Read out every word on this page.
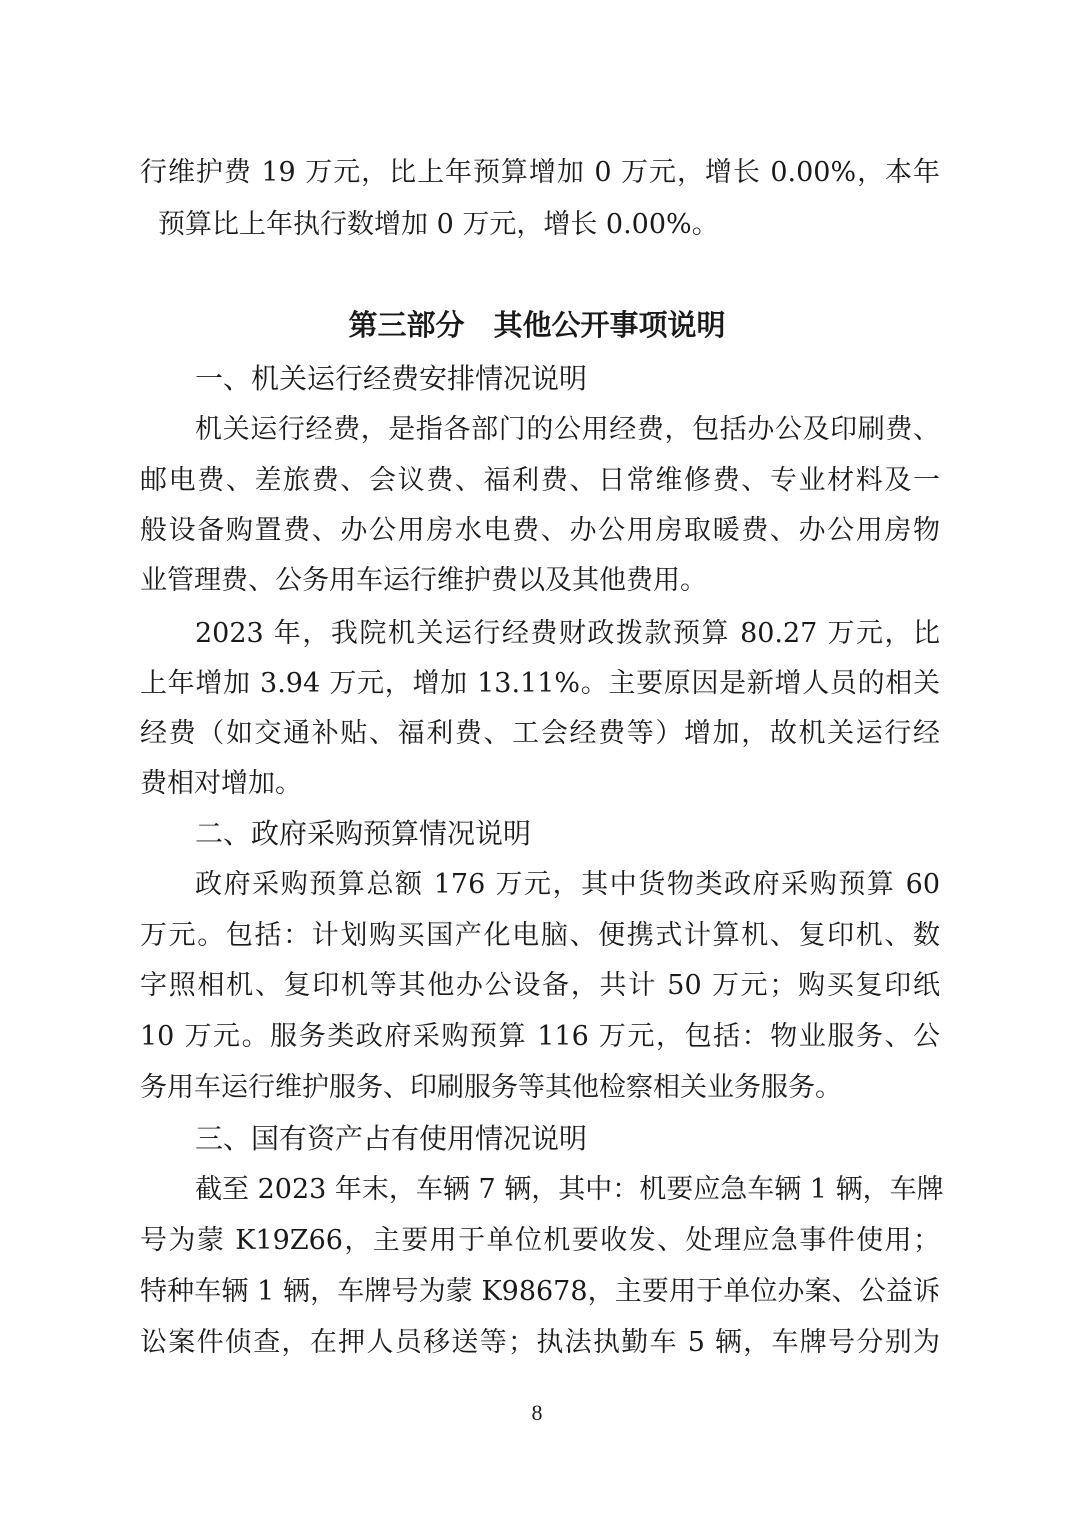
行维护费 19 万元，比上年预算增加 0 万元，增长 0.00%，本年
预算比上年执行数增加 0 万元，增长 0.00%。
第三部分　其他公开事项说明
一、机关运行经费安排情况说明
机关运行经费，是指各部门的公用经费，包括办公及印刷费、
邮电费、差旅费、会议费、福利费、日常维修费、专业材料及一
般设备购置费、办公用房水电费、办公用房取暖费、办公用房物
业管理费、公务用车运行维护费以及其他费用。
2023 年，我院机关运行经费财政拨款预算 80.27 万元，比
上年增加 3.94 万元，增加 13.11%。主要原因是新增人员的相关
经费（如交通补贴、福利费、工会经费等）增加，故机关运行经
费相对增加。
二、政府采购预算情况说明
政府采购预算总额 176 万元，其中货物类政府采购预算 60
万元。包括：计划购买国产化电脑、便携式计算机、复印机、数
字照相机、复印机等其他办公设备，共计 50 万元；购买复印纸
10 万元。服务类政府采购预算 116 万元，包括：物业服务、公
务用车运行维护服务、印刷服务等其他检察相关业务服务。
三、国有资产占有使用情况说明
截至 2023 年末，车辆 7 辆，其中：机要应急车辆 1 辆，车牌
号为蒙 K19Z66，主要用于单位机要收发、处理应急事件使用；
特种车辆 1 辆，车牌号为蒙 K98678，主要用于单位办案、公益诉
讼案件侦查，在押人员移送等；执法执勤车 5 辆，车牌号分别为
8
